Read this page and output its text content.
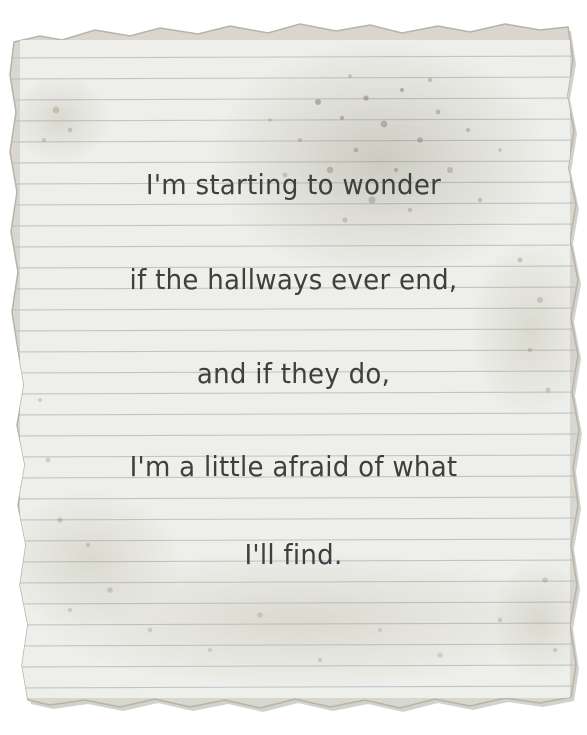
I'm starting to wonder
if the hallways ever end,
and if they do,
I'm a little afraid of what
I'll find.
